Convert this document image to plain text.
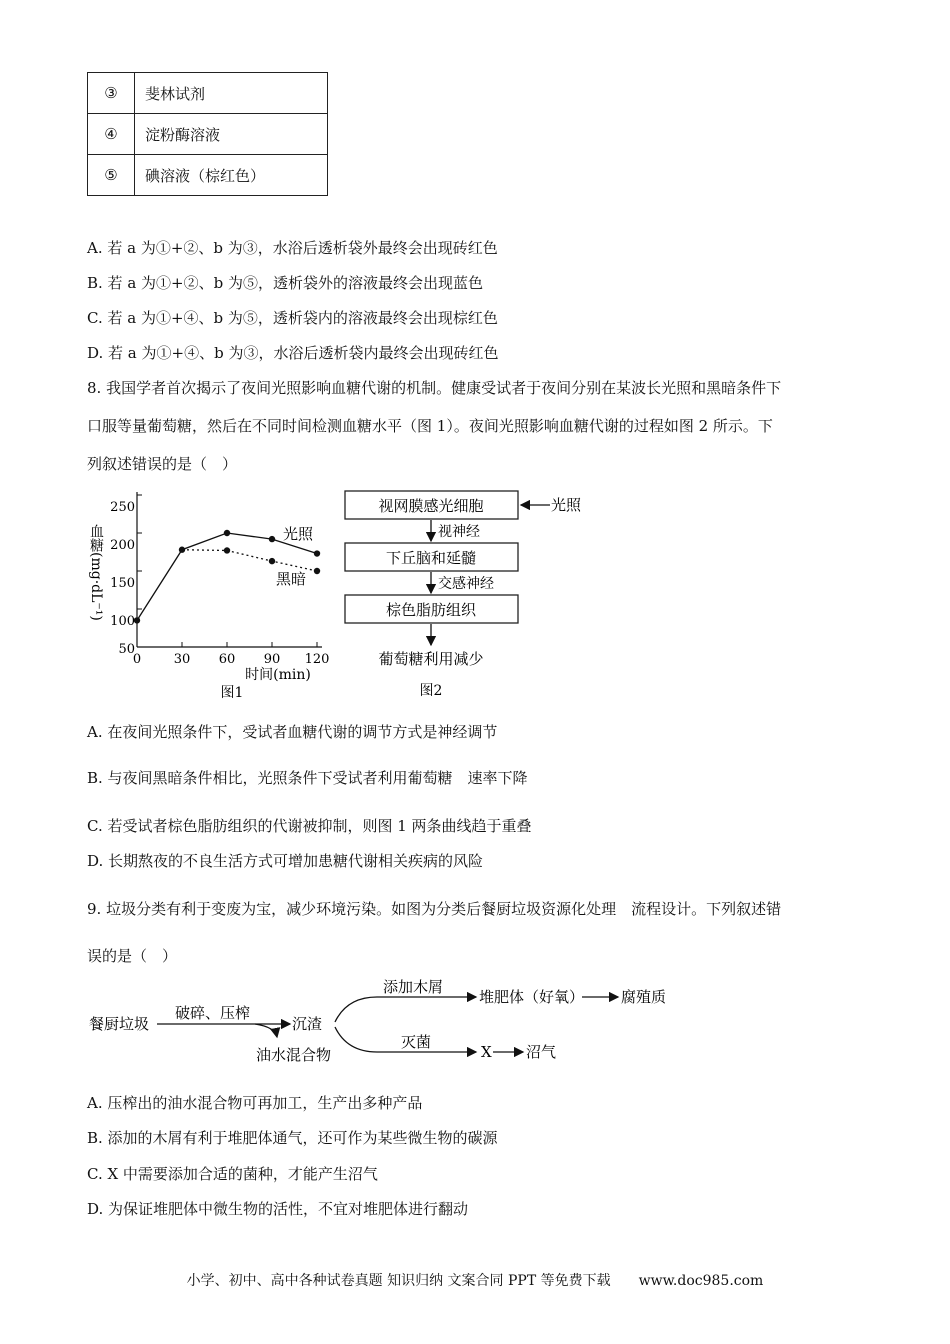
③	斐林试剂
④	淀粉酶溶液
⑤	碘溶液（棕红色）
A. 若 a 为①+②、b 为③，水浴后透析袋外最终会出现砖红色
B. 若 a 为①+②、b 为⑤，透析袋外的溶液最终会出现蓝色
C. 若 a 为①+④、b 为⑤，透析袋内的溶液最终会出现棕红色
D. 若 a 为①+④、b 为③，水浴后透析袋内最终会出现砖红色
8. 我国学者首次揭示了夜间光照影响血糖代谢的机制。健康受试者于夜间分别在某波长光照和黑暗条件下
口服等量葡萄糖，然后在不同时间检测血糖水平（图 1）。夜间光照影响血糖代谢的过程如图 2 所示。下
列叙述错误的是（　）
250
200
150
100
50
0	30 60 90 120
时间(min)
血糖(mg·dL⁻¹)	光照
黑暗
图1
视网膜感光细胞	光照
视神经
下丘脑和延髓
交感神经
棕色脂肪组织
葡萄糖利用减少
图2
A. 在夜间光照条件下，受试者血糖代谢的调节方式是神经调节
B. 与夜间黑暗条件相比，光照条件下受试者利用葡萄糖　速率下降
C. 若受试者棕色脂肪组织的代谢被抑制，则图 1 两条曲线趋于重叠
D. 长期熬夜的不良生活方式可增加患糖代谢相关疾病的风险
9. 垃圾分类有利于变废为宝，减少环境污染。如图为分类后餐厨垃圾资源化处理　流程设计。下列叙述错
误的是（　）
餐厨垃圾
破碎、压榨
沉渣
油水混合物
添加木屑
堆肥体（好氧） 腐殖质
灭菌
X 沼气
A. 压榨出的油水混合物可再加工，生产出多种产品
B. 添加的木屑有利于堆肥体通气，还可作为某些微生物的碳源
C. X 中需要添加合适的菌种，才能产生沼气
D. 为保证堆肥体中微生物的活性，不宜对堆肥体进行翻动
小学、初中、高中各种试卷真题 知识归纳 文案合同 PPT 等免费下载　　www.doc985.com
